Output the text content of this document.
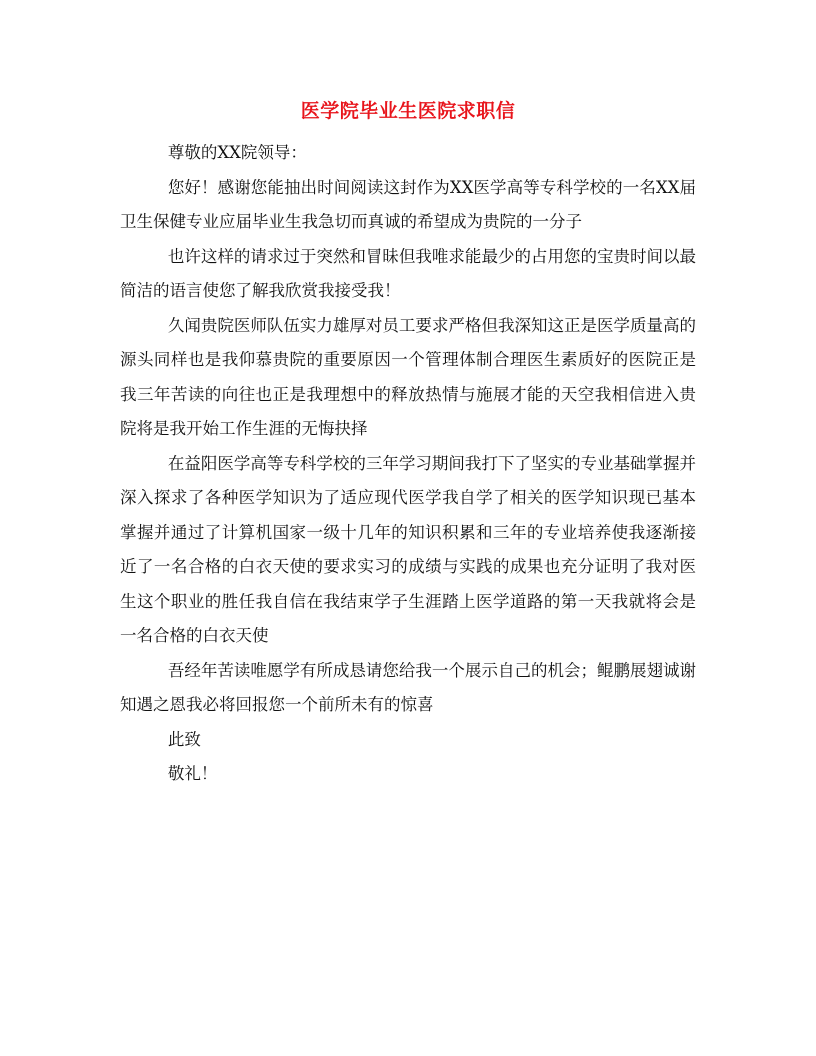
医学院毕业生医院求职信

尊敬的XX院领导：

您好！感谢您能抽出时间阅读这封作为XX医学高等专科学校的一名XX届卫生保健专业应届毕业生我急切而真诚的希望成为贵院的一分子

也许这样的请求过于突然和冒昧但我唯求能最少的占用您的宝贵时间以最简洁的语言使您了解我欣赏我接受我！

久闻贵院医师队伍实力雄厚对员工要求严格但我深知这正是医学质量高的源头同样也是我仰慕贵院的重要原因一个管理体制合理医生素质好的医院正是我三年苦读的向往也正是我理想中的释放热情与施展才能的天空我相信进入贵院将是我开始工作生涯的无悔抉择

在益阳医学高等专科学校的三年学习期间我打下了坚实的专业基础掌握并深入探求了各种医学知识为了适应现代医学我自学了相关的医学知识现已基本掌握并通过了计算机国家一级十几年的知识积累和三年的专业培养使我逐渐接近了一名合格的白衣天使的要求实习的成绩与实践的成果也充分证明了我对医生这个职业的胜任我自信在我结束学子生涯踏上医学道路的第一天我就将会是一名合格的白衣天使

吾经年苦读唯愿学有所成恳请您给我一个展示自己的机会；鲲鹏展翅诚谢知遇之恩我必将回报您一个前所未有的惊喜

此致

敬礼！
